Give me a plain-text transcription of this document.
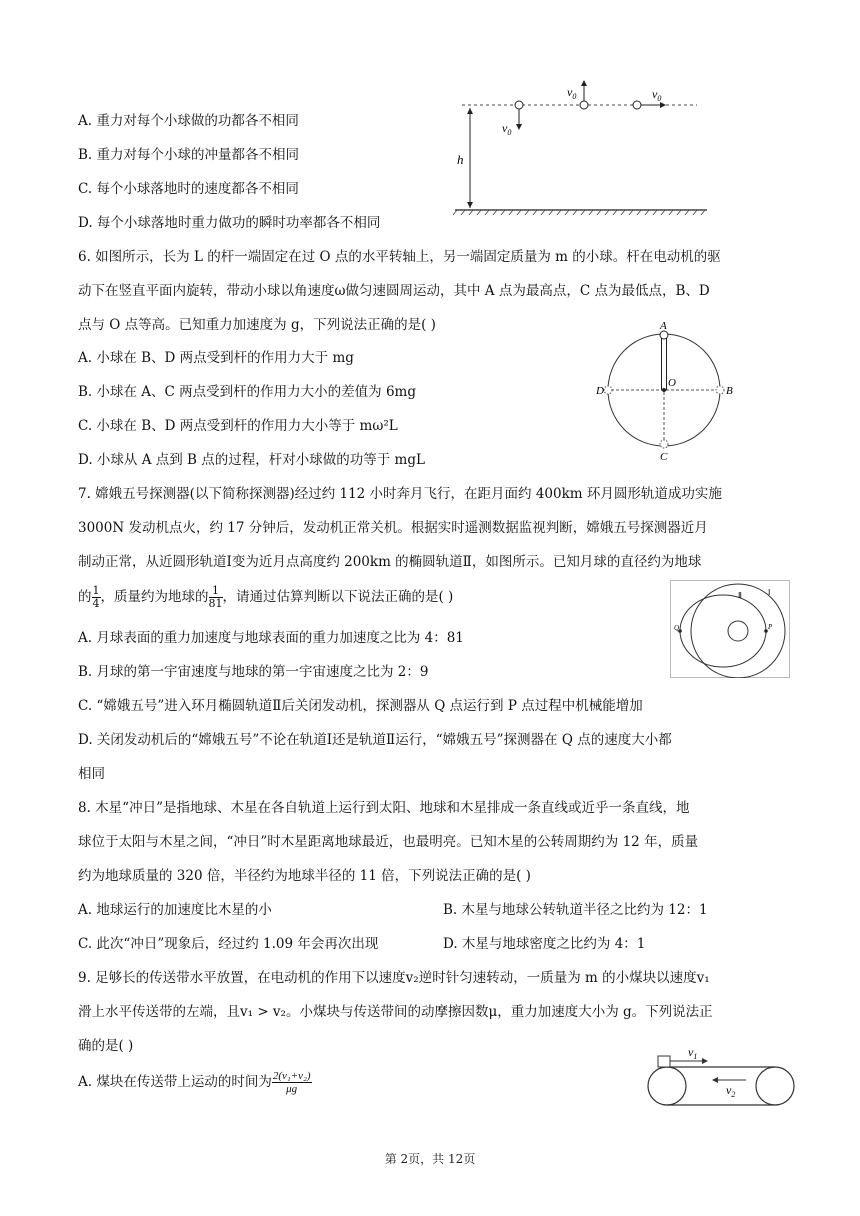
A. 重力对每个小球做的功都各不相同
B. 重力对每个小球的冲量都各不相同
C. 每个小球落地时的速度都各不相同
D. 每个小球落地时重力做功的瞬时功率都各不相同
$v_0$
$v_0$	$v_0$
h
6. 如图所示，长为 L 的杆一端固定在过 O 点的水平转轴上，另一端固定质量为 m 的小球。杆在电动机的驱
动下在竖直平面内旋转，带动小球以角速度ω做匀速圆周运动，其中 A 点为最高点，C 点为最低点，B、D
点与 O 点等高。已知重力加速度为 g，下列说法正确的是( )
A. 小球在 B、D 两点受到杆的作用力大于 mg
B. 小球在 A、C 两点受到杆的作用力大小的差值为 6mg
C. 小球在 B、D 两点受到杆的作用力大小等于 mω²L
D. 小球从 A 点到 B 点的过程，杆对小球做的功等于 mgL
A
O
D	B
C
7. 嫦娥五号探测器(以下简称探测器)经过约 112 小时奔月飞行，在距月面约 400km 环月圆形轨道成功实施
3000N 发动机点火，约 17 分钟后，发动机正常关机。根据实时遥测数据监视判断，嫦娥五号探测器近月
制动正常，从近圆形轨道Ⅰ变为近月点高度约 200km 的椭圆轨道Ⅱ，如图所示。已知月球的直径约为地球
的 $\frac{1}{4}$ ，质量约为地球的 $\frac{1}{81}$ ，请通过估算判断以下说法正确的是( )
A. 月球表面的重力加速度与地球表面的重力加速度之比为 4：81
B. 月球的第一宇宙速度与地球的第一宇宙速度之比为 2：9
C. “嫦娥五号”进入环月椭圆轨道Ⅱ后关闭发动机，探测器从 Q 点运行到 P 点过程中机械能增加
D. 关闭发动机后的“嫦娥五号”不论在轨道Ⅰ还是轨道Ⅱ运行，“嫦娥五号”探测器在 Q 点的速度大小都
相同
Q	P
Ⅱ	Ⅰ
8. 木星“冲日”是指地球、木星在各自轨道上运行到太阳、地球和木星排成一条直线或近乎一条直线，地
球位于太阳与木星之间，“冲日”时木星距离地球最近，也最明亮。已知木星的公转周期约为 12 年，质量
约为地球质量的 320 倍，半径约为地球半径的 11 倍，下列说法正确的是( )
A. 地球运行的加速度比木星的小	B. 木星与地球公转轨道半径之比约为 12：1
C. 此次“冲日”现象后，经过约 1.09 年会再次出现	D. 木星与地球密度之比约为 4：1
9. 足够长的传送带水平放置，在电动机的作用下以速度v₂逆时针匀速转动，一质量为 m 的小煤块以速度v₁
滑上水平传送带的左端，且v₁ > v₂。小煤块与传送带间的动摩擦因数μ，重力加速度大小为 g。下列说法正
确的是( )
A. 煤块在传送带上运动的时间为 $\frac{\text{2(v₁+v₂)}}{\mu g}$
$v_1$
$v_2$
第 2页，共 12页
